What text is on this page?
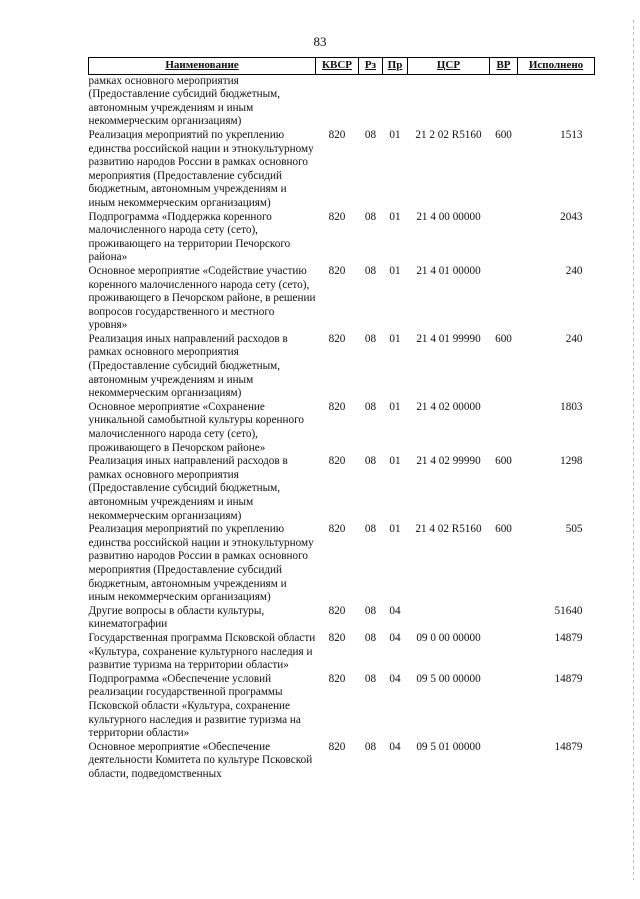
83
Наименование	КВСР	Рз	Пр	ЦСР	ВР	Исполнено
рамках основного мероприятия (Предоставление субсидий бюджетным, автономным учреждениям и иным некоммерческим организациям)						
Реализация мероприятий по укреплению единства российской нации и этнокультурному развитию народов России в рамках основного мероприятия (Предоставление субсидий бюджетным, автономным учреждениям и иным некоммерческим организациям)	820	08	01	21 2 02 R5160	600	1513
Подпрограмма «Поддержка коренного малочисленного народа сету (сето), проживающего на территории Печорского района»	820	08	01	21 4 00 00000		2043
Основное мероприятие «Содействие участию коренного малочисленного народа сету (сето), проживающего в Печорском районе, в решении вопросов государственного и местного уровня»	820	08	01	21 4 01 00000		240
Реализация иных направлений расходов в рамках основного мероприятия (Предоставление субсидий бюджетным, автономным учреждениям и иным некоммерческим организациям)	820	08	01	21 4 01 99990	600	240
Основное мероприятие «Сохранение уникальной самобытной культуры коренного малочисленного народа сету (сето), проживающего в Печорском районе»	820	08	01	21 4 02 00000		1803
Реализация иных направлений расходов в рамках основного мероприятия (Предоставление субсидий бюджетным, автономным учреждениям и иным некоммерческим организациям)	820	08	01	21 4 02 99990	600	1298
Реализация мероприятий по укреплению единства российской нации и этнокультурному развитию народов России в рамках основного мероприятия (Предоставление субсидий бюджетным, автономным учреждениям и иным некоммерческим организациям)	820	08	01	21 4 02 R5160	600	505
Другие вопросы в области культуры, кинематографии	820	08	04			51640
Государственная программа Псковской области «Культура, сохранение культурного наследия и развитие туризма на территории области»	820	08	04	09 0 00 00000		14879
Подпрограмма «Обеспечение условий реализации государственной программы Псковской области «Культура, сохранение культурного наследия и развитие туризма на территории области»	820	08	04	09 5 00 00000		14879
Основное мероприятие «Обеспечение деятельности Комитета по культуре Псковской области, подведомственных	820	08	04	09 5 01 00000		14879
